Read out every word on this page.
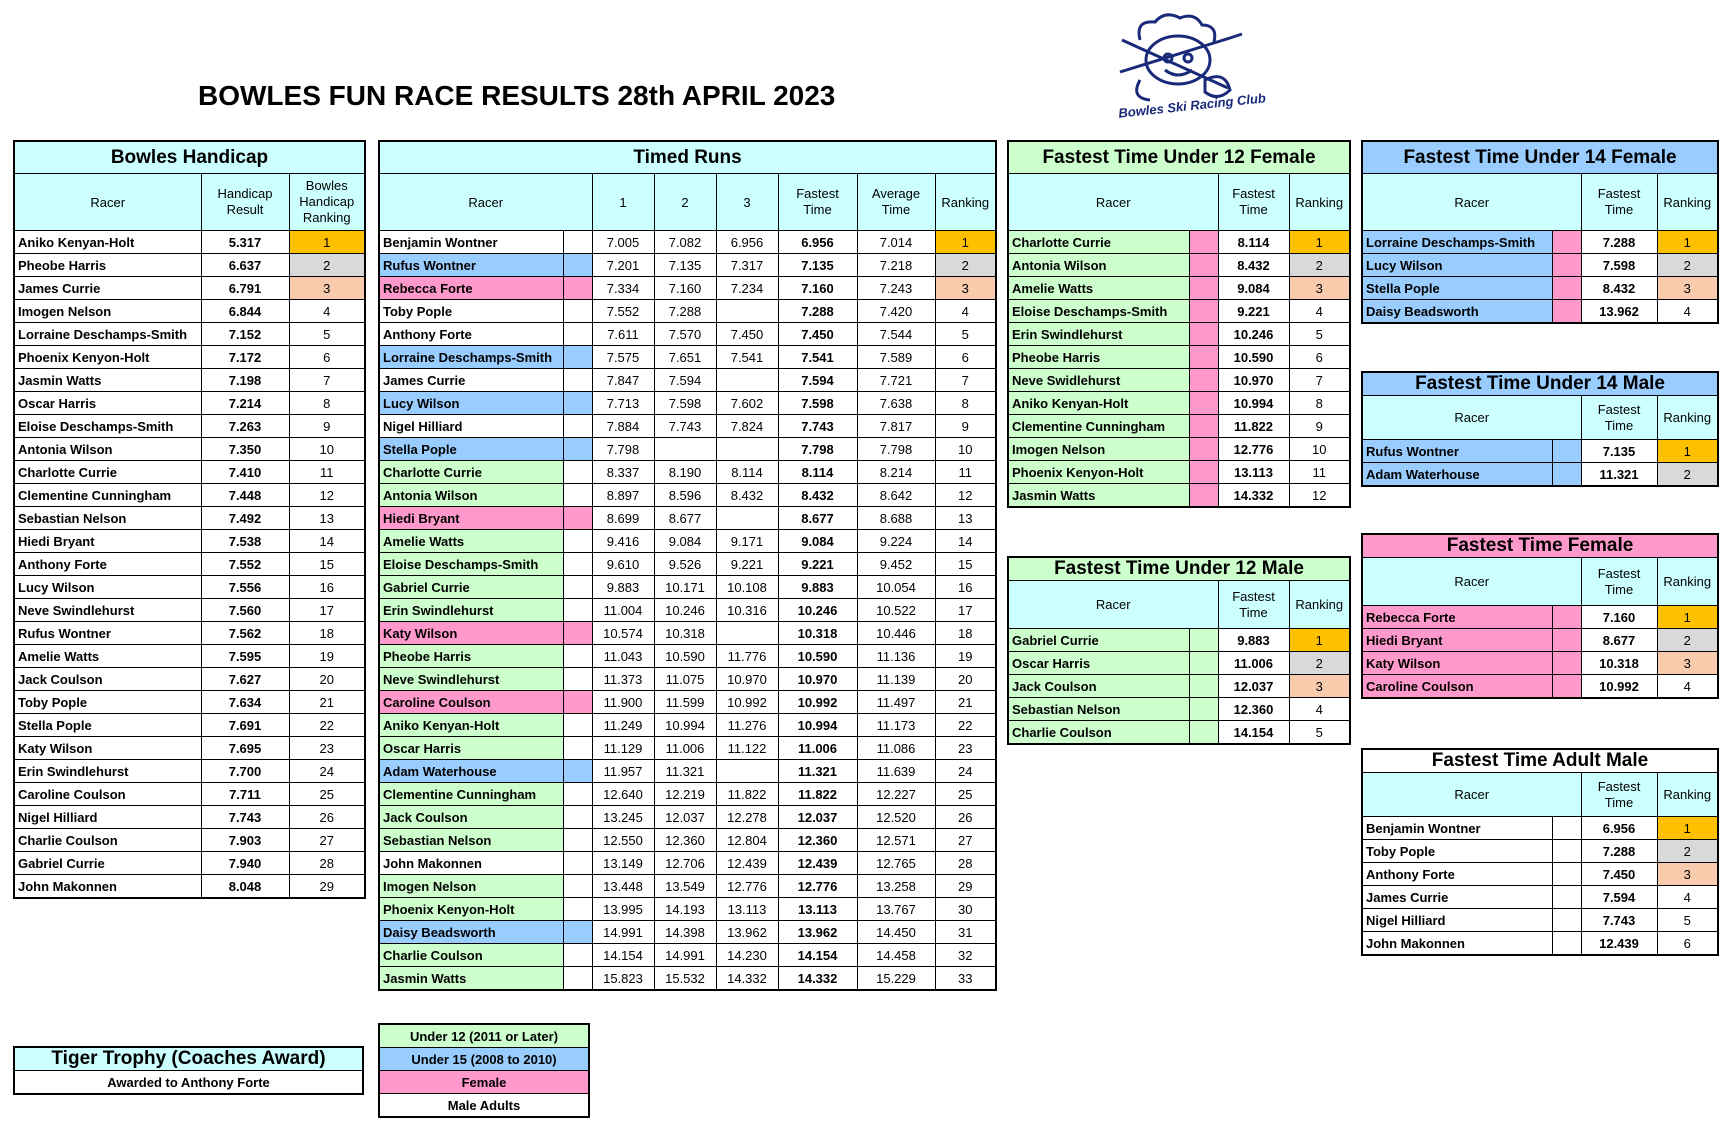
BOWLES FUN RACE RESULTS 28th APRIL 2023	Bowles Ski Racing Club
Bowles Handicap		
Racer	Handicap Result	Bowles Handicap Ranking
Aniko Kenyan-Holt	5.317	1
Pheobe Harris	6.637	2
James Currie	6.791	3
Imogen Nelson	6.844	4
Lorraine Deschamps-Smith	7.152	5
Phoenix Kenyon-Holt	7.172	6
Jasmin Watts	7.198	7
Oscar Harris	7.214	8
Eloise Deschamps-Smith	7.263	9
Antonia Wilson	7.350	10
Charlotte Currie	7.410	11
Clementine Cunningham	7.448	12
Sebastian Nelson	7.492	13
Hiedi Bryant	7.538	14
Anthony Forte	7.552	15
Lucy Wilson	7.556	16
Neve Swindlehurst	7.560	17
Rufus Wontner	7.562	18
Amelie Watts	7.595	19
Jack Coulson	7.627	20
Toby Pople	7.634	21
Stella Pople	7.691	22
Katy Wilson	7.695	23
Erin Swindlehurst	7.700	24
Caroline Coulson	7.711	25
Nigel Hilliard	7.743	26
Charlie Coulson	7.903	27
Gabriel Currie	7.940	28
John Makonnen	8.048	29
Timed Runs							
Racer		1	2	3	Fastest Time	Average Time	Ranking
Benjamin Wontner		7.005	7.082	6.956	6.956	7.014	1
Rufus Wontner		7.201	7.135	7.317	7.135	7.218	2
Rebecca Forte		7.334	7.160	7.234	7.160	7.243	3
Toby Pople		7.552	7.288		7.288	7.420	4
Anthony Forte		7.611	7.570	7.450	7.450	7.544	5
Lorraine Deschamps-Smith		7.575	7.651	7.541	7.541	7.589	6
James Currie		7.847	7.594		7.594	7.721	7
Lucy Wilson		7.713	7.598	7.602	7.598	7.638	8
Nigel Hilliard		7.884	7.743	7.824	7.743	7.817	9
Stella Pople		7.798			7.798	7.798	10
Charlotte Currie		8.337	8.190	8.114	8.114	8.214	11
Antonia Wilson		8.897	8.596	8.432	8.432	8.642	12
Hiedi Bryant		8.699	8.677		8.677	8.688	13
Amelie Watts		9.416	9.084	9.171	9.084	9.224	14
Eloise Deschamps-Smith		9.610	9.526	9.221	9.221	9.452	15
Gabriel Currie		9.883	10.171	10.108	9.883	10.054	16
Erin Swindlehurst		11.004	10.246	10.316	10.246	10.522	17
Katy Wilson		10.574	10.318		10.318	10.446	18
Pheobe Harris		11.043	10.590	11.776	10.590	11.136	19
Neve Swindlehurst		11.373	11.075	10.970	10.970	11.139	20
Caroline Coulson		11.900	11.599	10.992	10.992	11.497	21
Aniko Kenyan-Holt		11.249	10.994	11.276	10.994	11.173	22
Oscar Harris		11.129	11.006	11.122	11.006	11.086	23
Adam Waterhouse		11.957	11.321		11.321	11.639	24
Clementine Cunningham		12.640	12.219	11.822	11.822	12.227	25
Jack Coulson		13.245	12.037	12.278	12.037	12.520	26
Sebastian Nelson		12.550	12.360	12.804	12.360	12.571	27
John Makonnen		13.149	12.706	12.439	12.439	12.765	28
Imogen Nelson		13.448	13.549	12.776	12.776	13.258	29
Phoenix Kenyon-Holt		13.995	14.193	13.113	13.113	13.767	30
Daisy Beadsworth		14.991	14.398	13.962	13.962	14.450	31
Charlie Coulson		14.154	14.991	14.230	14.154	14.458	32
Jasmin Watts		15.823	15.532	14.332	14.332	15.229	33
Fastest Time Under 12 Female			
Racer		Fastest Time	Ranking
Charlotte Currie		8.114	1
Antonia Wilson		8.432	2
Amelie Watts		9.084	3
Eloise Deschamps-Smith		9.221	4
Erin Swindlehurst		10.246	5
Pheobe Harris		10.590	6
Neve Swidlehurst		10.970	7
Aniko Kenyan-Holt		10.994	8
Clementine Cunningham		11.822	9
Imogen Nelson		12.776	10
Phoenix Kenyon-Holt		13.113	11
Jasmin Watts		14.332	12
Fastest Time Under 12 Male			
Racer		Fastest Time	Ranking
Gabriel Currie		9.883	1
Oscar Harris		11.006	2
Jack Coulson		12.037	3
Sebastian Nelson		12.360	4
Charlie Coulson		14.154	5
Fastest Time Under 14 Female			
Racer		Fastest Time	Ranking
Lorraine Deschamps-Smith		7.288	1
Lucy Wilson		7.598	2
Stella Pople		8.432	3
Daisy Beadsworth		13.962	4
Fastest Time Under 14 Male			
Racer		Fastest Time	Ranking
Rufus Wontner		7.135	1
Adam Waterhouse		11.321	2
Fastest Time Female			
Racer		Fastest Time	Ranking
Rebecca Forte		7.160	1
Hiedi Bryant		8.677	2
Katy Wilson		10.318	3
Caroline Coulson		10.992	4
Fastest Time Adult Male			
Racer		Fastest Time	Ranking
Benjamin Wontner		6.956	1
Toby Pople		7.288	2
Anthony Forte		7.450	3
James Currie		7.594	4
Nigel Hilliard		7.743	5
John Makonnen		12.439	6
Tiger Trophy (Coaches Award)
Awarded to Anthony Forte
Under 12 (2011 or Later)
Under 15 (2008 to 2010)
Female
Male Adults
